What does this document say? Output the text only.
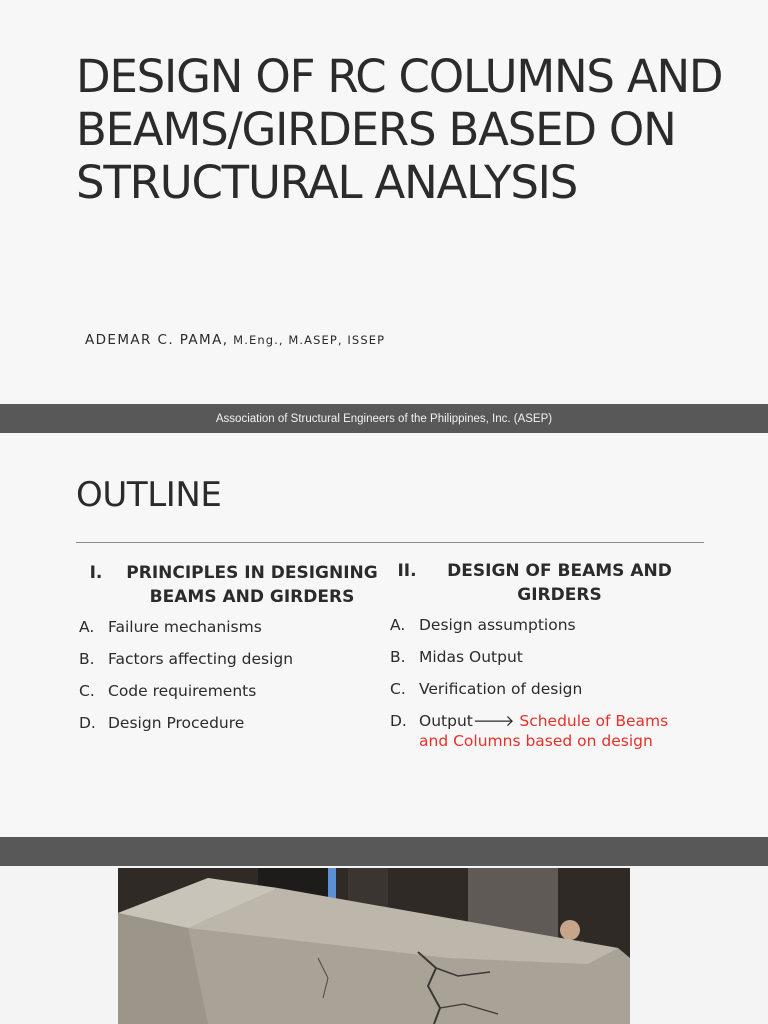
DESIGN OF RC COLUMNS AND BEAMS/GIRDERS BASED ON STRUCTURAL ANALYSIS
ADEMAR C. PAMA, M.Eng., M.ASEP, ISSEP
Association of Structural Engineers of the Philippines, Inc. (ASEP)
OUTLINE
I.	PRINCIPLES IN DESIGNING BEAMS AND GIRDERS
A. Failure mechanisms
B. Factors affecting design
C. Code requirements
D. Design Procedure
II.	DESIGN OF BEAMS AND GIRDERS
A. Design assumptions
B. Midas Output
C. Verification of design
D. Output🡒 Schedule of Beams and Columns based on design
